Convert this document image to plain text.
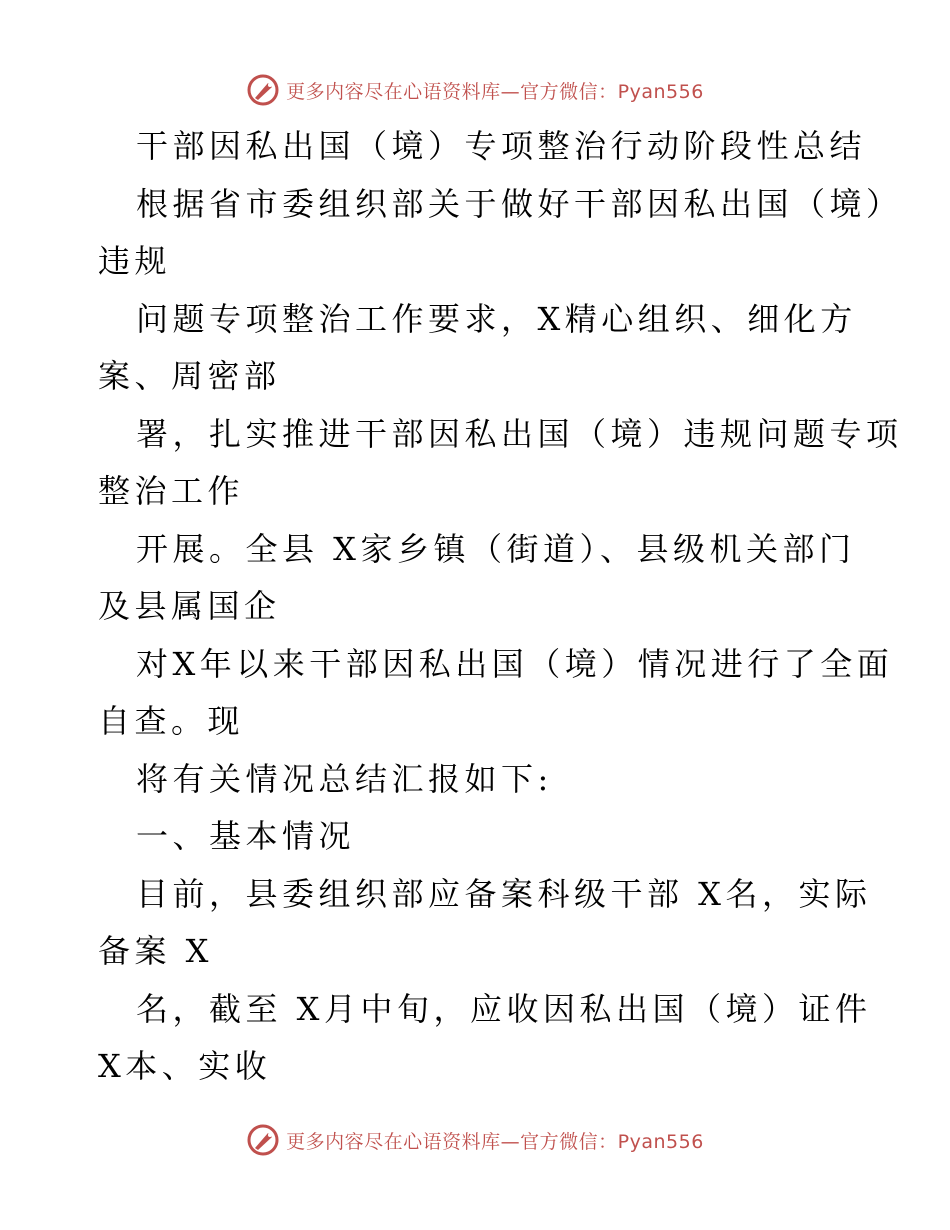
更多内容尽在心语资料库—官方微信：Pyan556
干部因私出国（境）专项整治行动阶段性总结
根据省市委组织部关于做好干部因私出国（境）
违规
问题专项整治工作要求，X精心组织、细化方
案、周密部
署，扎实推进干部因私出国（境）违规问题专项
整治工作
开展。全县 X家乡镇（街道）、县级机关部门
及县属国企
对X年以来干部因私出国（境）情况进行了全面
自查。现
将有关情况总结汇报如下:
一、基本情况
目前，县委组织部应备案科级干部 X名，实际
备案 X
名，截至 X月中旬，应收因私出国（境）证件
X本、实收
更多内容尽在心语资料库—官方微信：Pyan556
